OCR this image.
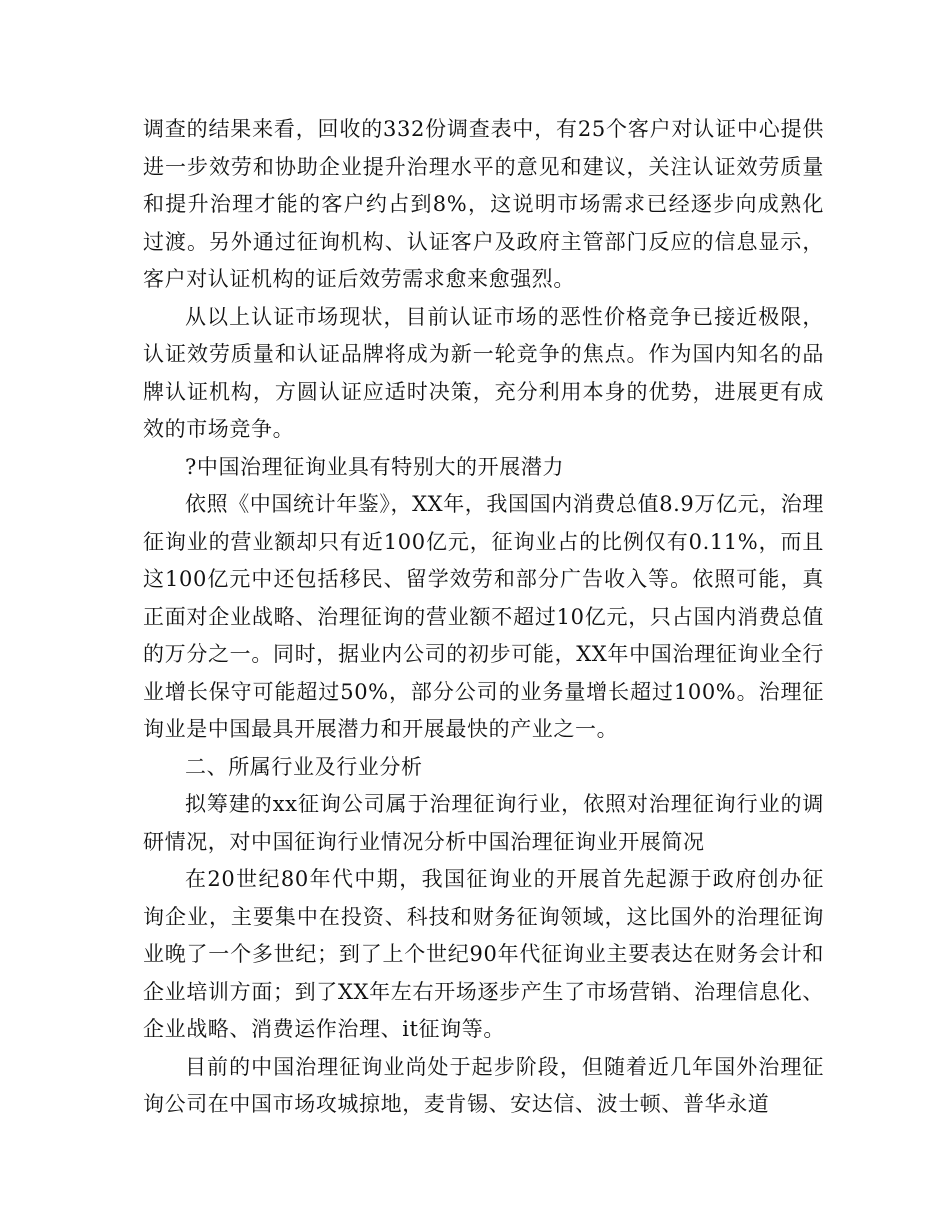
调查的结果来看，回收的332份调查表中，有25个客户对认证中心提供进一步效劳和协助企业提升治理水平的意见和建议，关注认证效劳质量和提升治理才能的客户约占到8%，这说明市场需求已经逐步向成熟化过渡。另外通过征询机构、认证客户及政府主管部门反应的信息显示，客户对认证机构的证后效劳需求愈来愈强烈。

从以上认证市场现状，目前认证市场的恶性价格竞争已接近极限，认证效劳质量和认证品牌将成为新一轮竞争的焦点。作为国内知名的品牌认证机构，方圆认证应适时决策，充分利用本身的优势，进展更有成效的市场竞争。

?中国治理征询业具有特别大的开展潜力

依照《中国统计年鉴》，XX年，我国国内消费总值8.9万亿元，治理征询业的营业额却只有近100亿元，征询业占的比例仅有0.11%，而且这100亿元中还包括移民、留学效劳和部分广告收入等。依照可能，真正面对企业战略、治理征询的营业额不超过10亿元，只占国内消费总值的万分之一。同时，据业内公司的初步可能，XX年中国治理征询业全行业增长保守可能超过50%，部分公司的业务量增长超过100%。治理征询业是中国最具开展潜力和开展最快的产业之一。

二、所属行业及行业分析

拟筹建的xx征询公司属于治理征询行业，依照对治理征询行业的调研情况，对中国征询行业情况分析中国治理征询业开展简况

在20世纪80年代中期，我国征询业的开展首先起源于政府创办征询企业，主要集中在投资、科技和财务征询领域，这比国外的治理征询业晚了一个多世纪；到了上个世纪90年代征询业主要表达在财务会计和企业培训方面；到了XX年左右开场逐步产生了市场营销、治理信息化、企业战略、消费运作治理、it征询等。

目前的中国治理征询业尚处于起步阶段，但随着近几年国外治理征询公司在中国市场攻城掠地，麦肯锡、安达信、波士顿、普华永道
